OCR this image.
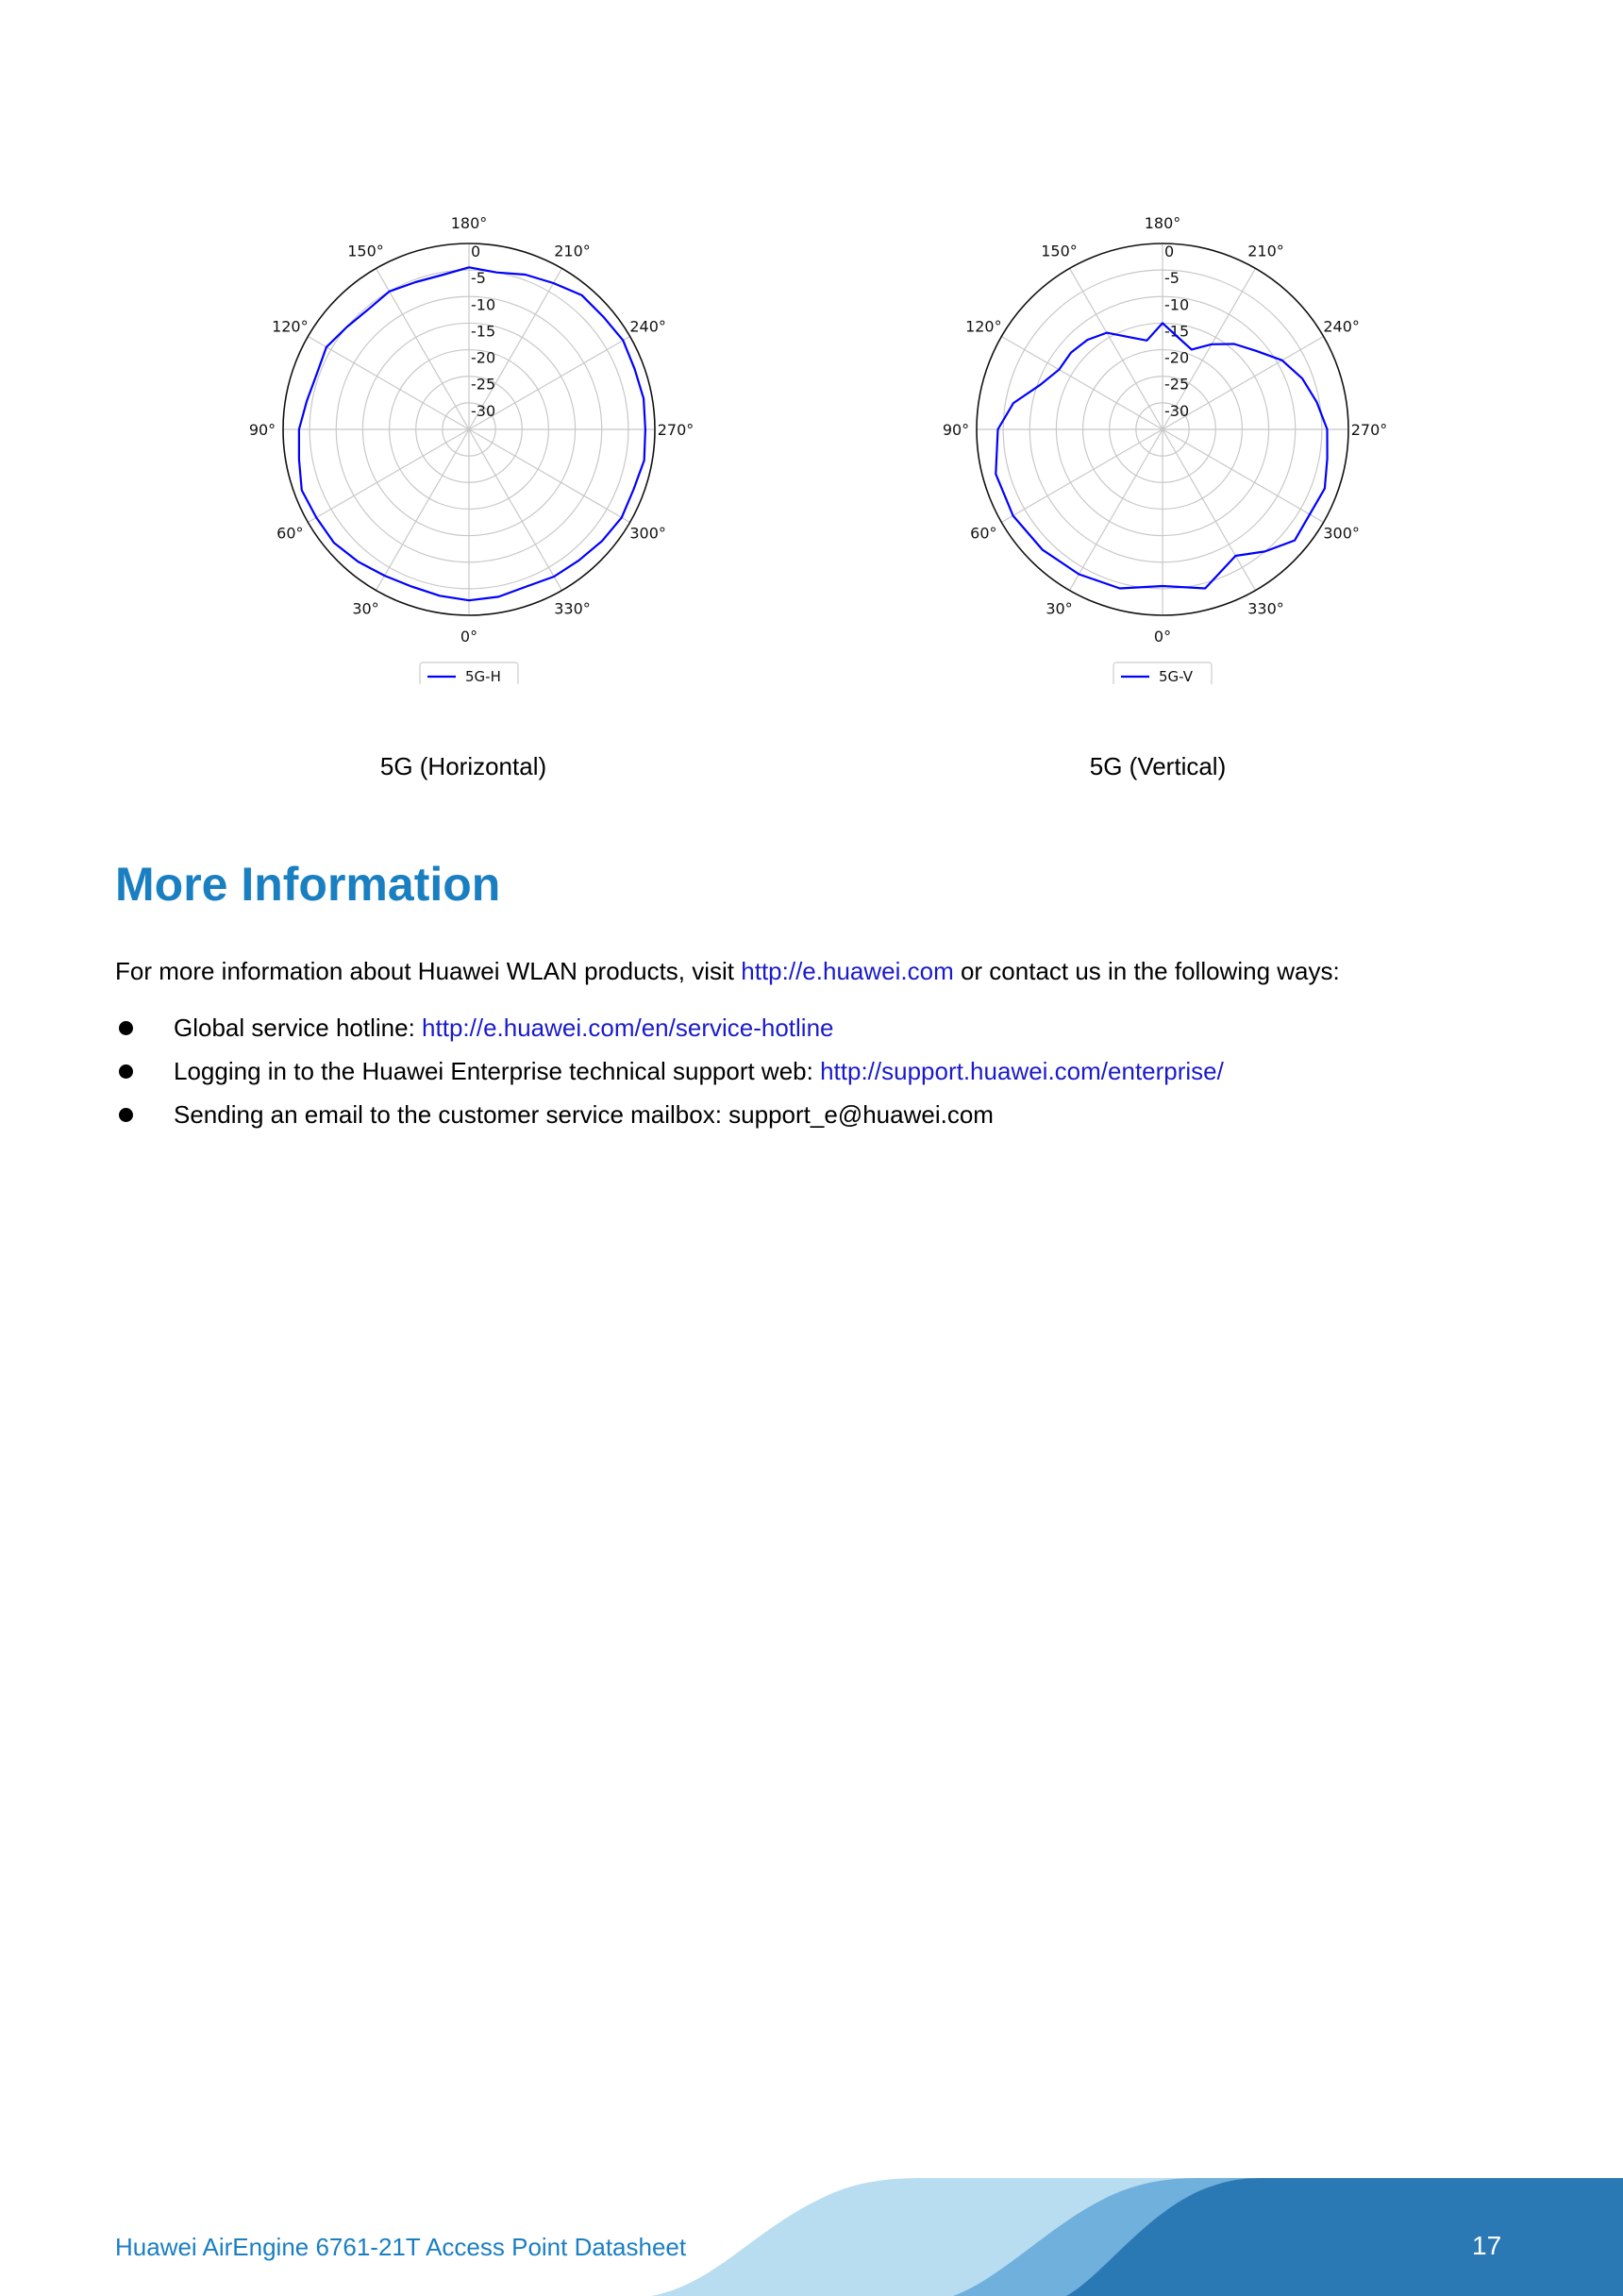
0
-5
-10
-15
-20
-25
-30
0°
30°
60°
90°
120°
150°
180°
210°
240°
270°
300°
330°
5G-H
5G (Horizontal)
0
-5
-10
-15
-20
-25
-30
0°
30°
60°
90°
120°
150°
180°
210°
240°
270°
300°
330°
5G-V
5G (Vertical)
More Information
For more information about Huawei WLAN products, visit http://e.huawei.com or contact us in the following ways:
Global service hotline: http://e.huawei.com/en/service-hotline
Logging in to the Huawei Enterprise technical support web: http://support.huawei.com/enterprise/
Sending an email to the customer service mailbox: support_e@huawei.com
Huawei AirEngine 6761-21T Access Point Datasheet	17
